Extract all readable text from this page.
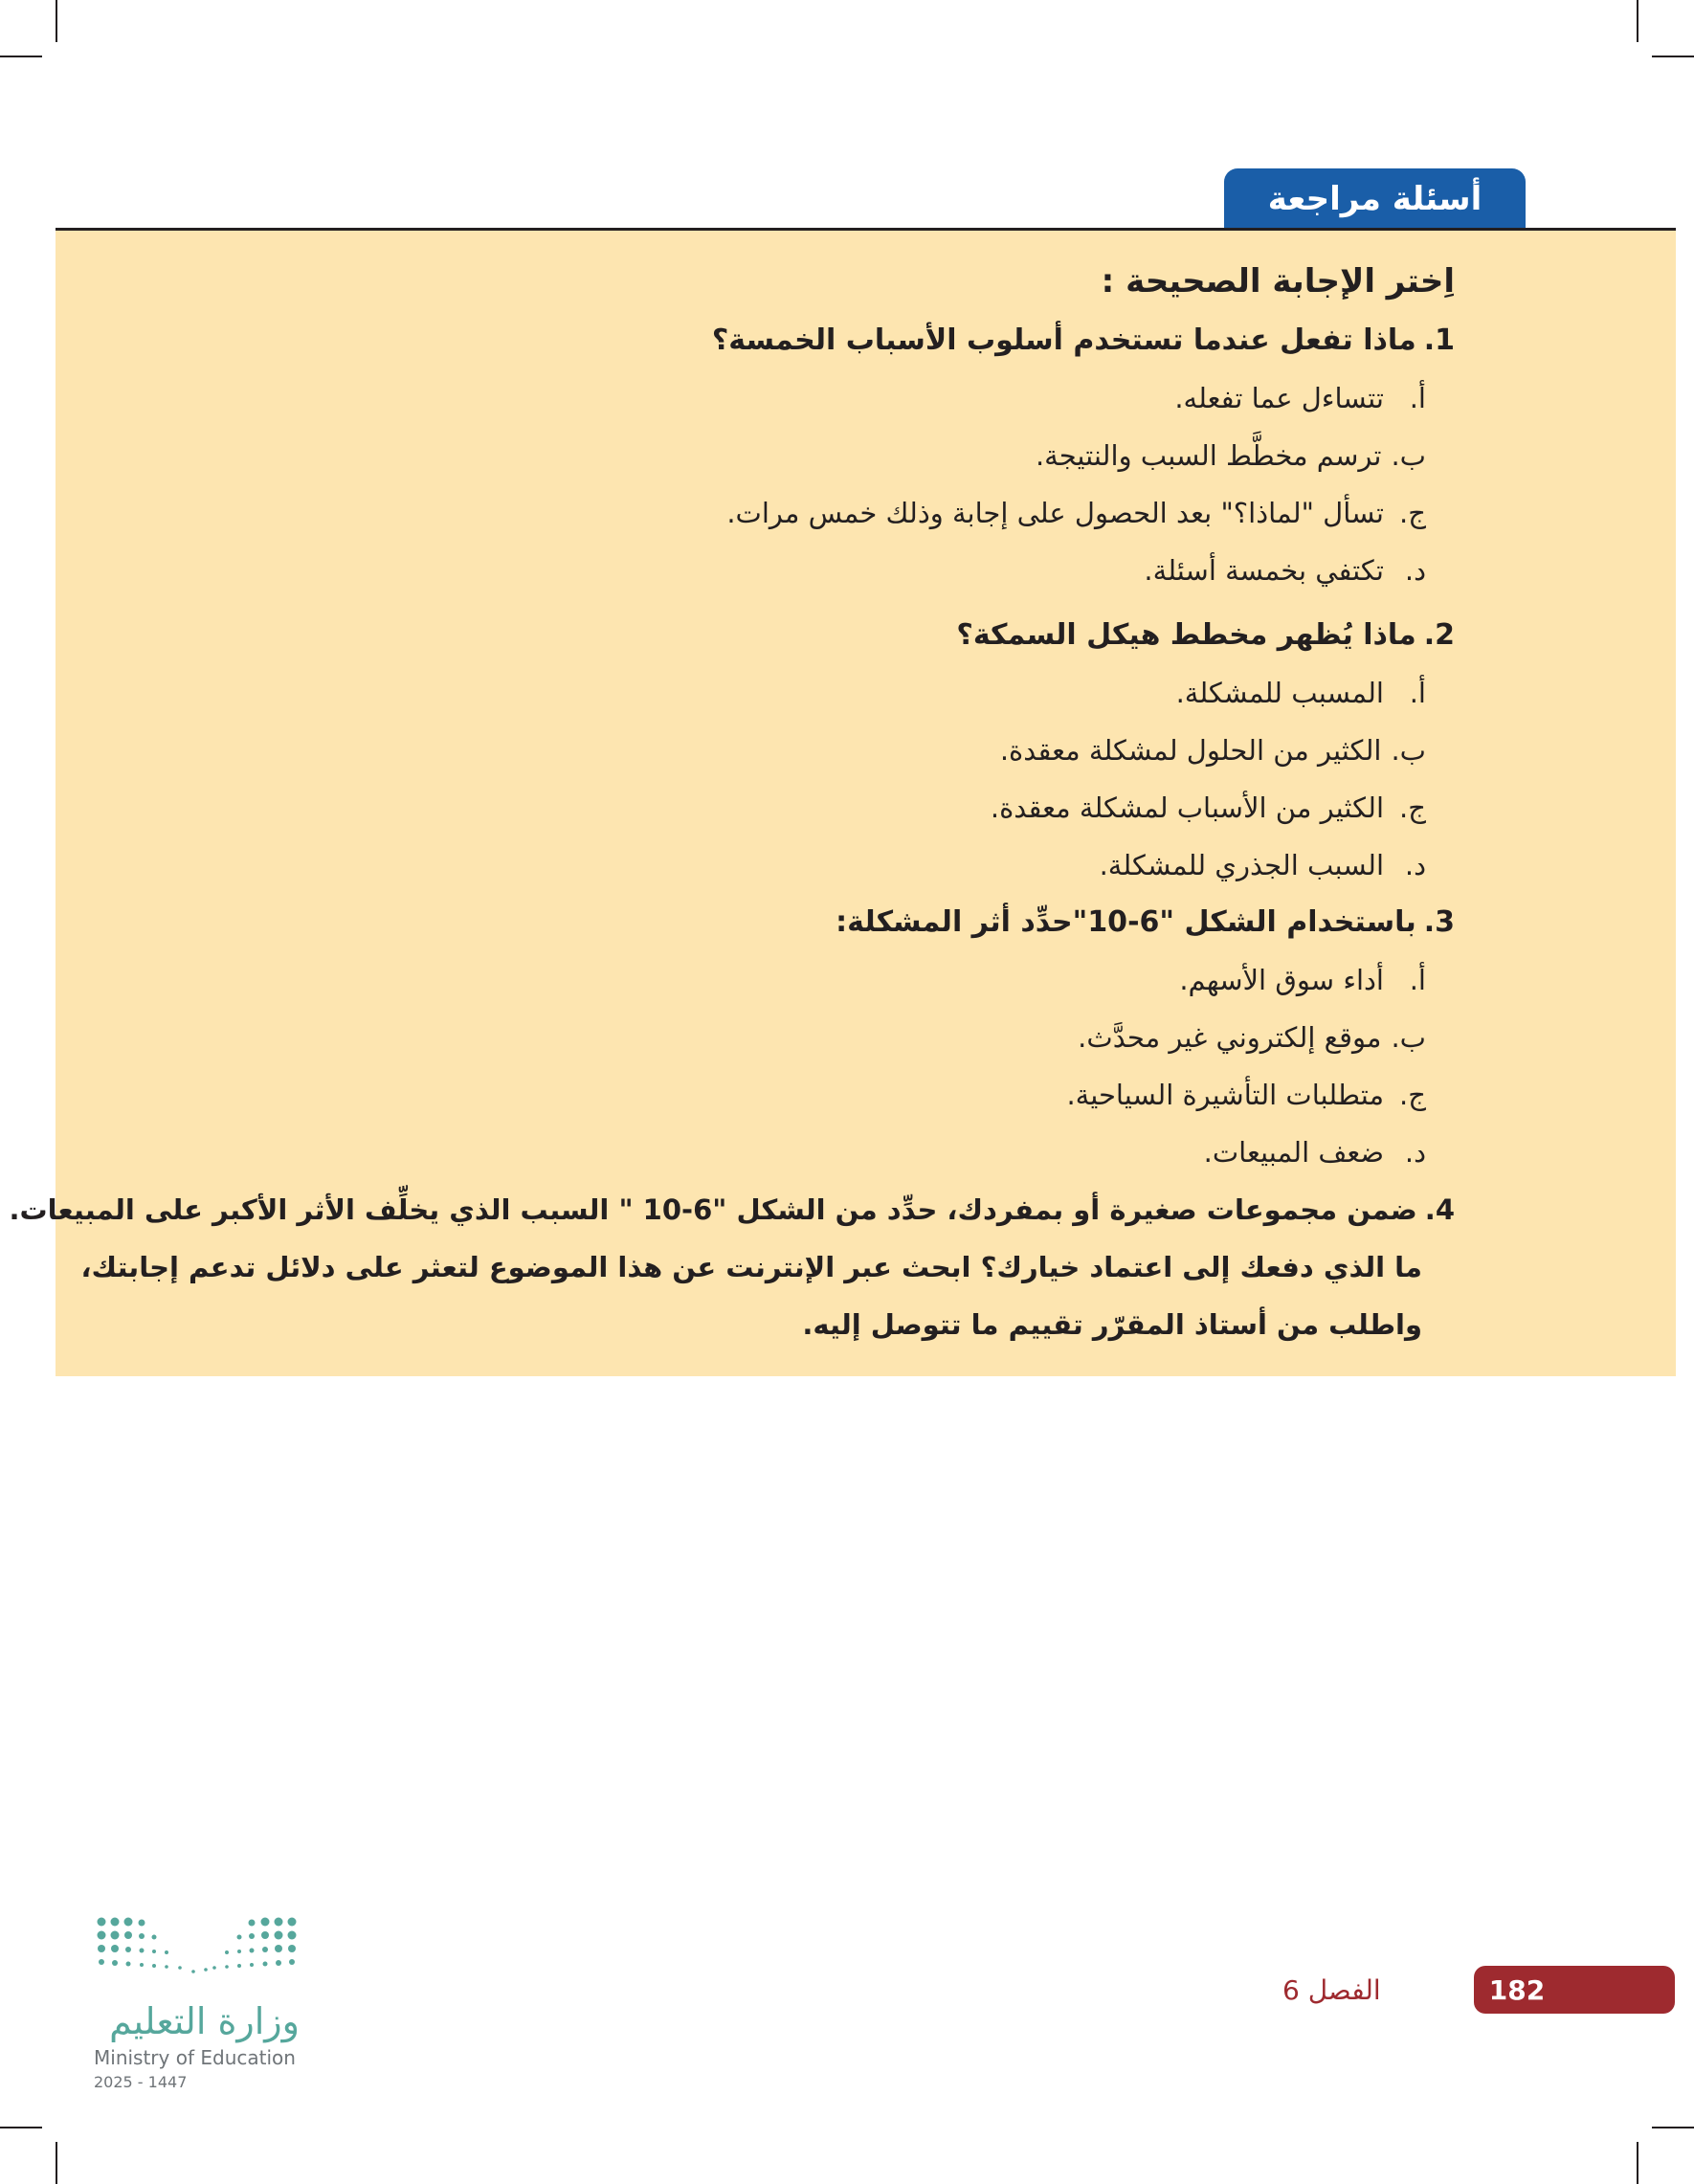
أسئلة مراجعة
اِختر الإجابة الصحيحة :
1.
ماذا تفعل عندما تستخدم أسلوب الأسباب الخمسة؟
أ.
تتساءل عما تفعله.
ب.
ترسم مخطَّط السبب والنتيجة.
ج.
تسأل "لماذا؟" بعد الحصول على إجابة وذلك خمس مرات.
د.
تكتفي بخمسة أسئلة.
2.
ماذا يُظهر مخطط هيكل السمكة؟
أ.
المسبب للمشكلة.
ب.
الكثير من الحلول لمشكلة معقدة.
ج.
الكثير من الأسباب لمشكلة معقدة.
د.
السبب الجذري للمشكلة.
3.
باستخدام الشكل "6-10"حدِّد أثر المشكلة:
أ.
أداء سوق الأسهم.
ب.
موقع إلكتروني غير محدَّث.
ج.
متطلبات التأشيرة السياحية.
د.
ضعف المبيعات.
4.ضمن مجموعات صغيرة أو بمفردك، حدِّد من الشكل "6-10 " السبب الذي يخلِّف الأثر الأكبر على المبيعات.
ما الذي دفعك إلى اعتماد خيارك؟ ابحث عبر الإنترنت عن هذا الموضوع لتعثر على دلائل تدعم إجابتك،
واطلب من أستاذ المقرّر تقييم ما تتوصل إليه.
182
الفصل 6
وزارة التعليم
Ministry of Education
2025 - 1447
